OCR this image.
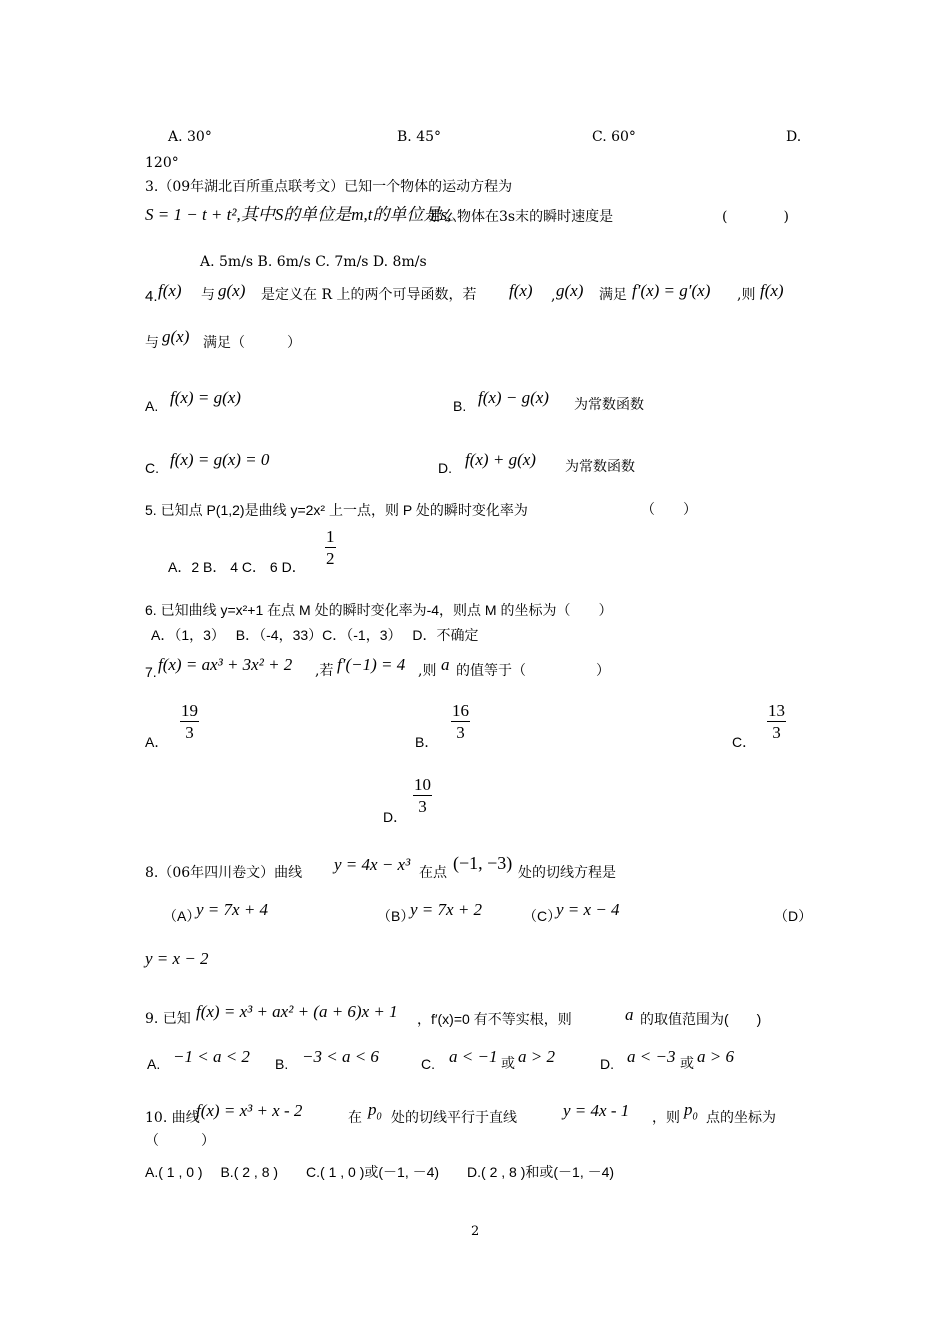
A. 30°	B. 45°	C. 60°	D.
120°
3.（09年湖北百所重点联考文）已知一个物体的运动方程为
S = 1 − t + t²,其中S的单位是m,t的单位是s,
那么物体在3s末的瞬时速度是	(　　　　)
A. 5m/s B. 6m/s C. 7m/s D. 8m/s
4. f(x) 与 g(x) 是定义在 R 上的两个可导函数，若 f(x) , g(x) 满足 f′(x) = g′(x) ,则 f(x)
与 g(x) 满足（　　　）
A. f(x) = g(x)	B. f(x) − g(x) 为常数函数
C. f(x) = g(x) = 0	D. f(x) + g(x) 为常数函数
5. 已知点 P(1,2)是曲线 y=2x² 上一点，则 P 处的瞬时变化率为	（　　）
A．2 B． 4 C． 6 D． $\frac{1}{2}$
6. 已知曲线 y=x²+1 在点 M 处的瞬时变化率为-4，则点 M 的坐标为（　　）
A．（1，3）　 B．（-4，33）C．（-1，3）　 D．不确定
7. f(x) = ax³ + 3x² + 2 ,若 f′(−1) = 4 ,则 a 的值等于（　　　　　）
A．
$\frac{19}{3}$
B．
$\frac{16}{3}$
C．
$\frac{13}{3}$
D．
$\frac{10}{3}$
8.（06年四川卷文）曲线 y = 4x − x³ 在点 (−1, −3) 处的切线方程是
（A）
y = 7x + 4	（B）
y = 7x + 2	（C）
y = x − 4	（D）
y = x − 2
9. 已知 f(x) = x³ + ax² + (a + 6)x + 1 ，f′(x)=0 有不等实根，则	a 的取值范围为(　　)
A. −1 < a < 2 B. −3 < a < 6	C. a < −1 或 a > 2	D. a < −3 或 a > 6
10. 曲线
f(x) = x³ + x - 2	在 $p_0$ 处的切线平行于直线	y = 4x - 1 ，则 $p_0$ 点的坐标为
（　　　）
A.( 1 , 0 )　 B.( 2 , 8 )　　C.( 1 , 0 )或(－1, －4)　　D.( 2 , 8 )和或(－1, －4)
2
